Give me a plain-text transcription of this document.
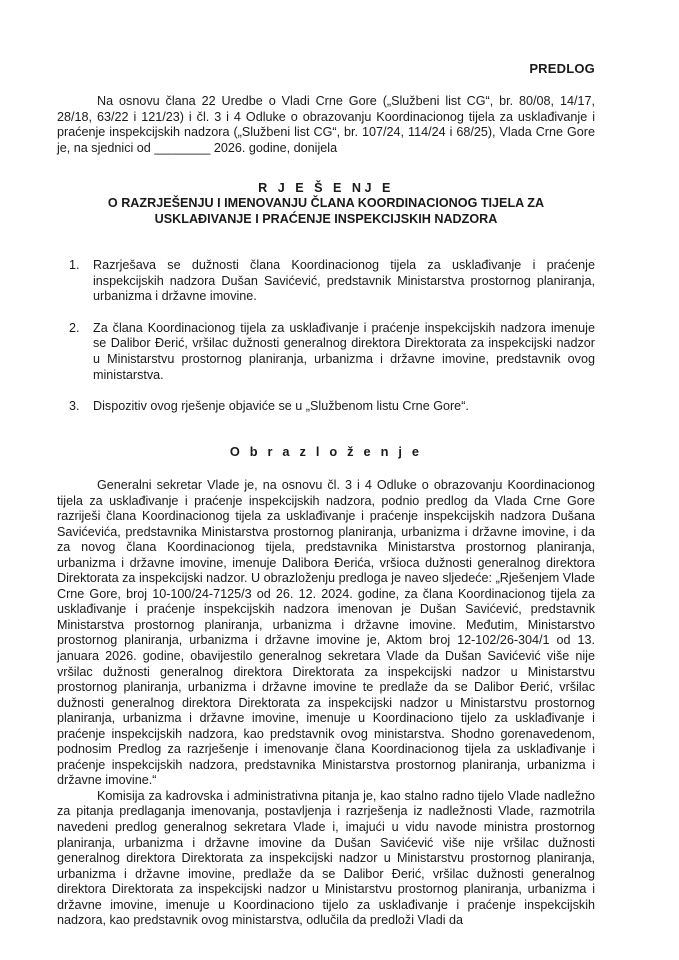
PREDLOG
Na osnovu člana 22 Uredbe o Vladi Crne Gore („Službeni list CG“, br. 80/08, 14/17, 28/18, 63/22 i 121/23) i čl. 3 i 4 Odluke o obrazovanju Koordinacionog tijela za usklađivanje i praćenje inspekcijskih nadzora („Službeni list CG“, br. 107/24, 114/24 i 68/25), Vlada Crne Gore je, na sjednici od ________ 2026. godine, donijela
R J E Š E NJ E
O RAZRJEŠENJU I IMENOVANJU ČLANA KOORDINACIONOG TIJELA ZA
USKLAĐIVANJE I PRAĆENJE INSPEKCIJSKIH NADZORA
1. Razrješava se dužnosti člana Koordinacionog tijela za usklađivanje i praćenje inspekcijskih nadzora Dušan Savićević, predstavnik Ministarstva prostornog planiranja, urbanizma i državne imovine.
2. Za člana Koordinacionog tijela za usklađivanje i praćenje inspekcijskih nadzora imenuje se Dalibor Đerić, vršilac dužnosti generalnog direktora Direktorata za inspekcijski nadzor u Ministarstvu prostornog planiranja, urbanizma i državne imovine, predstavnik ovog ministarstva.
3. Dispozitiv ovog rješenje objaviće se u „Službenom listu Crne Gore“.
O b r a z l o ž e n j e

Generalni sekretar Vlade je, na osnovu čl. 3 i 4 Odluke o obrazovanju Koordinacionog tijela za usklađivanje i praćenje inspekcijskih nadzora, podnio predlog da Vlada Crne Gore razriješi člana Koordinacionog tijela za usklađivanje i praćenje inspekcijskih nadzora Dušana Savićevića, predstavnika Ministarstva prostornog planiranja, urbanizma i državne imovine, i da za novog člana Koordinacionog tijela, predstavnika Ministarstva prostornog planiranja, urbanizma i državne imovine, imenuje Dalibora Đerića, vršioca dužnosti generalnog direktora Direktorata za inspekcijski nadzor. U obrazloženju predloga je naveo sljedeće: „Rješenjem Vlade Crne Gore, broj 10-100/24-7125/3 od 26. 12. 2024. godine, za člana Koordinacionog tijela za usklađivanje i praćenje inspekcijskih nadzora imenovan je Dušan Savićević, predstavnik Ministarstva prostornog planiranja, urbanizma i državne imovine. Međutim, Ministarstvo prostornog planiranja, urbanizma i državne imovine je, Aktom broj 12-102/26-304/1 od 13. januara 2026. godine, obavijestilo generalnog sekretara Vlade da Dušan Savićević više nije vršilac dužnosti generalnog direktora Direktorata za inspekcijski nadzor u Ministarstvu prostornog planiranja, urbanizma i državne imovine te predlaže da se Dalibor Đerić, vršilac dužnosti generalnog direktora Direktorata za inspekcijski nadzor u Ministarstvu prostornog planiranja, urbanizma i državne imovine, imenuje u Koordinaciono tijelo za usklađivanje i praćenje inspekcijskih nadzora, kao predstavnik ovog ministarstva. Shodno gorenavedenom, podnosim Predlog za razrješenje i imenovanje člana Koordinacionog tijela za usklađivanje i praćenje inspekcijskih nadzora, predstavnika Ministarstva prostornog planiranja, urbanizma i državne imovine.“

Komisija za kadrovska i administrativna pitanja je, kao stalno radno tijelo Vlade nadležno za pitanja predlaganja imenovanja, postavljenja i razrješenja iz nadležnosti Vlade, razmotrila navedeni predlog generalnog sekretara Vlade i, imajući u vidu navode ministra prostornog planiranja, urbanizma i državne imovine da Dušan Savićević više nije vršilac dužnosti generalnog direktora Direktorata za inspekcijski nadzor u Ministarstvu prostornog planiranja, urbanizma i državne imovine, predlaže da se Dalibor Đerić, vršilac dužnosti generalnog direktora Direktorata za inspekcijski nadzor u Ministarstvu prostornog planiranja, urbanizma i državne imovine, imenuje u Koordinaciono tijelo za usklađivanje i praćenje inspekcijskih nadzora, kao predstavnik ovog ministarstva, odlučila da predloži Vladi da
